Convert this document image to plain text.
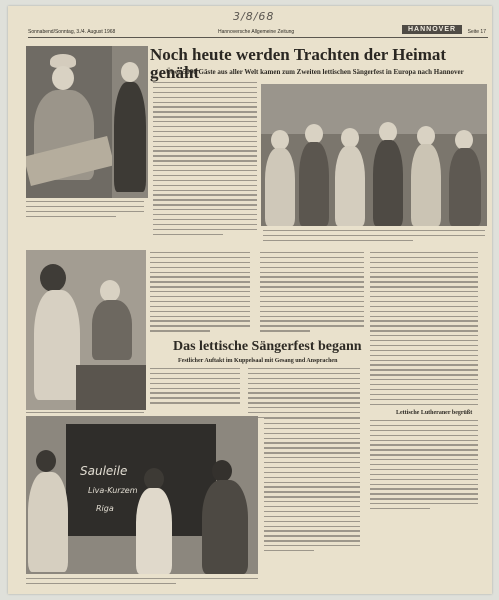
3/8/68
Sonnabend/Sonntag, 3./4. August 1968	Hannoversche Allgemeine Zeitung	HANNOVER	Seite 17
Noch heute werden Trachten der Heimat genäht
Über 5000 Gäste aus aller Welt kamen zum Zweiten lettischen Sängerfest in Europa nach Hannover
Das lettische Sängerfest begann
Festlicher Auftakt im Kuppelsaal mit Gesang und Ansprachen
Lettische Lutheraner begrüßt
Sauleile
Liva-Kurzem
Riga
